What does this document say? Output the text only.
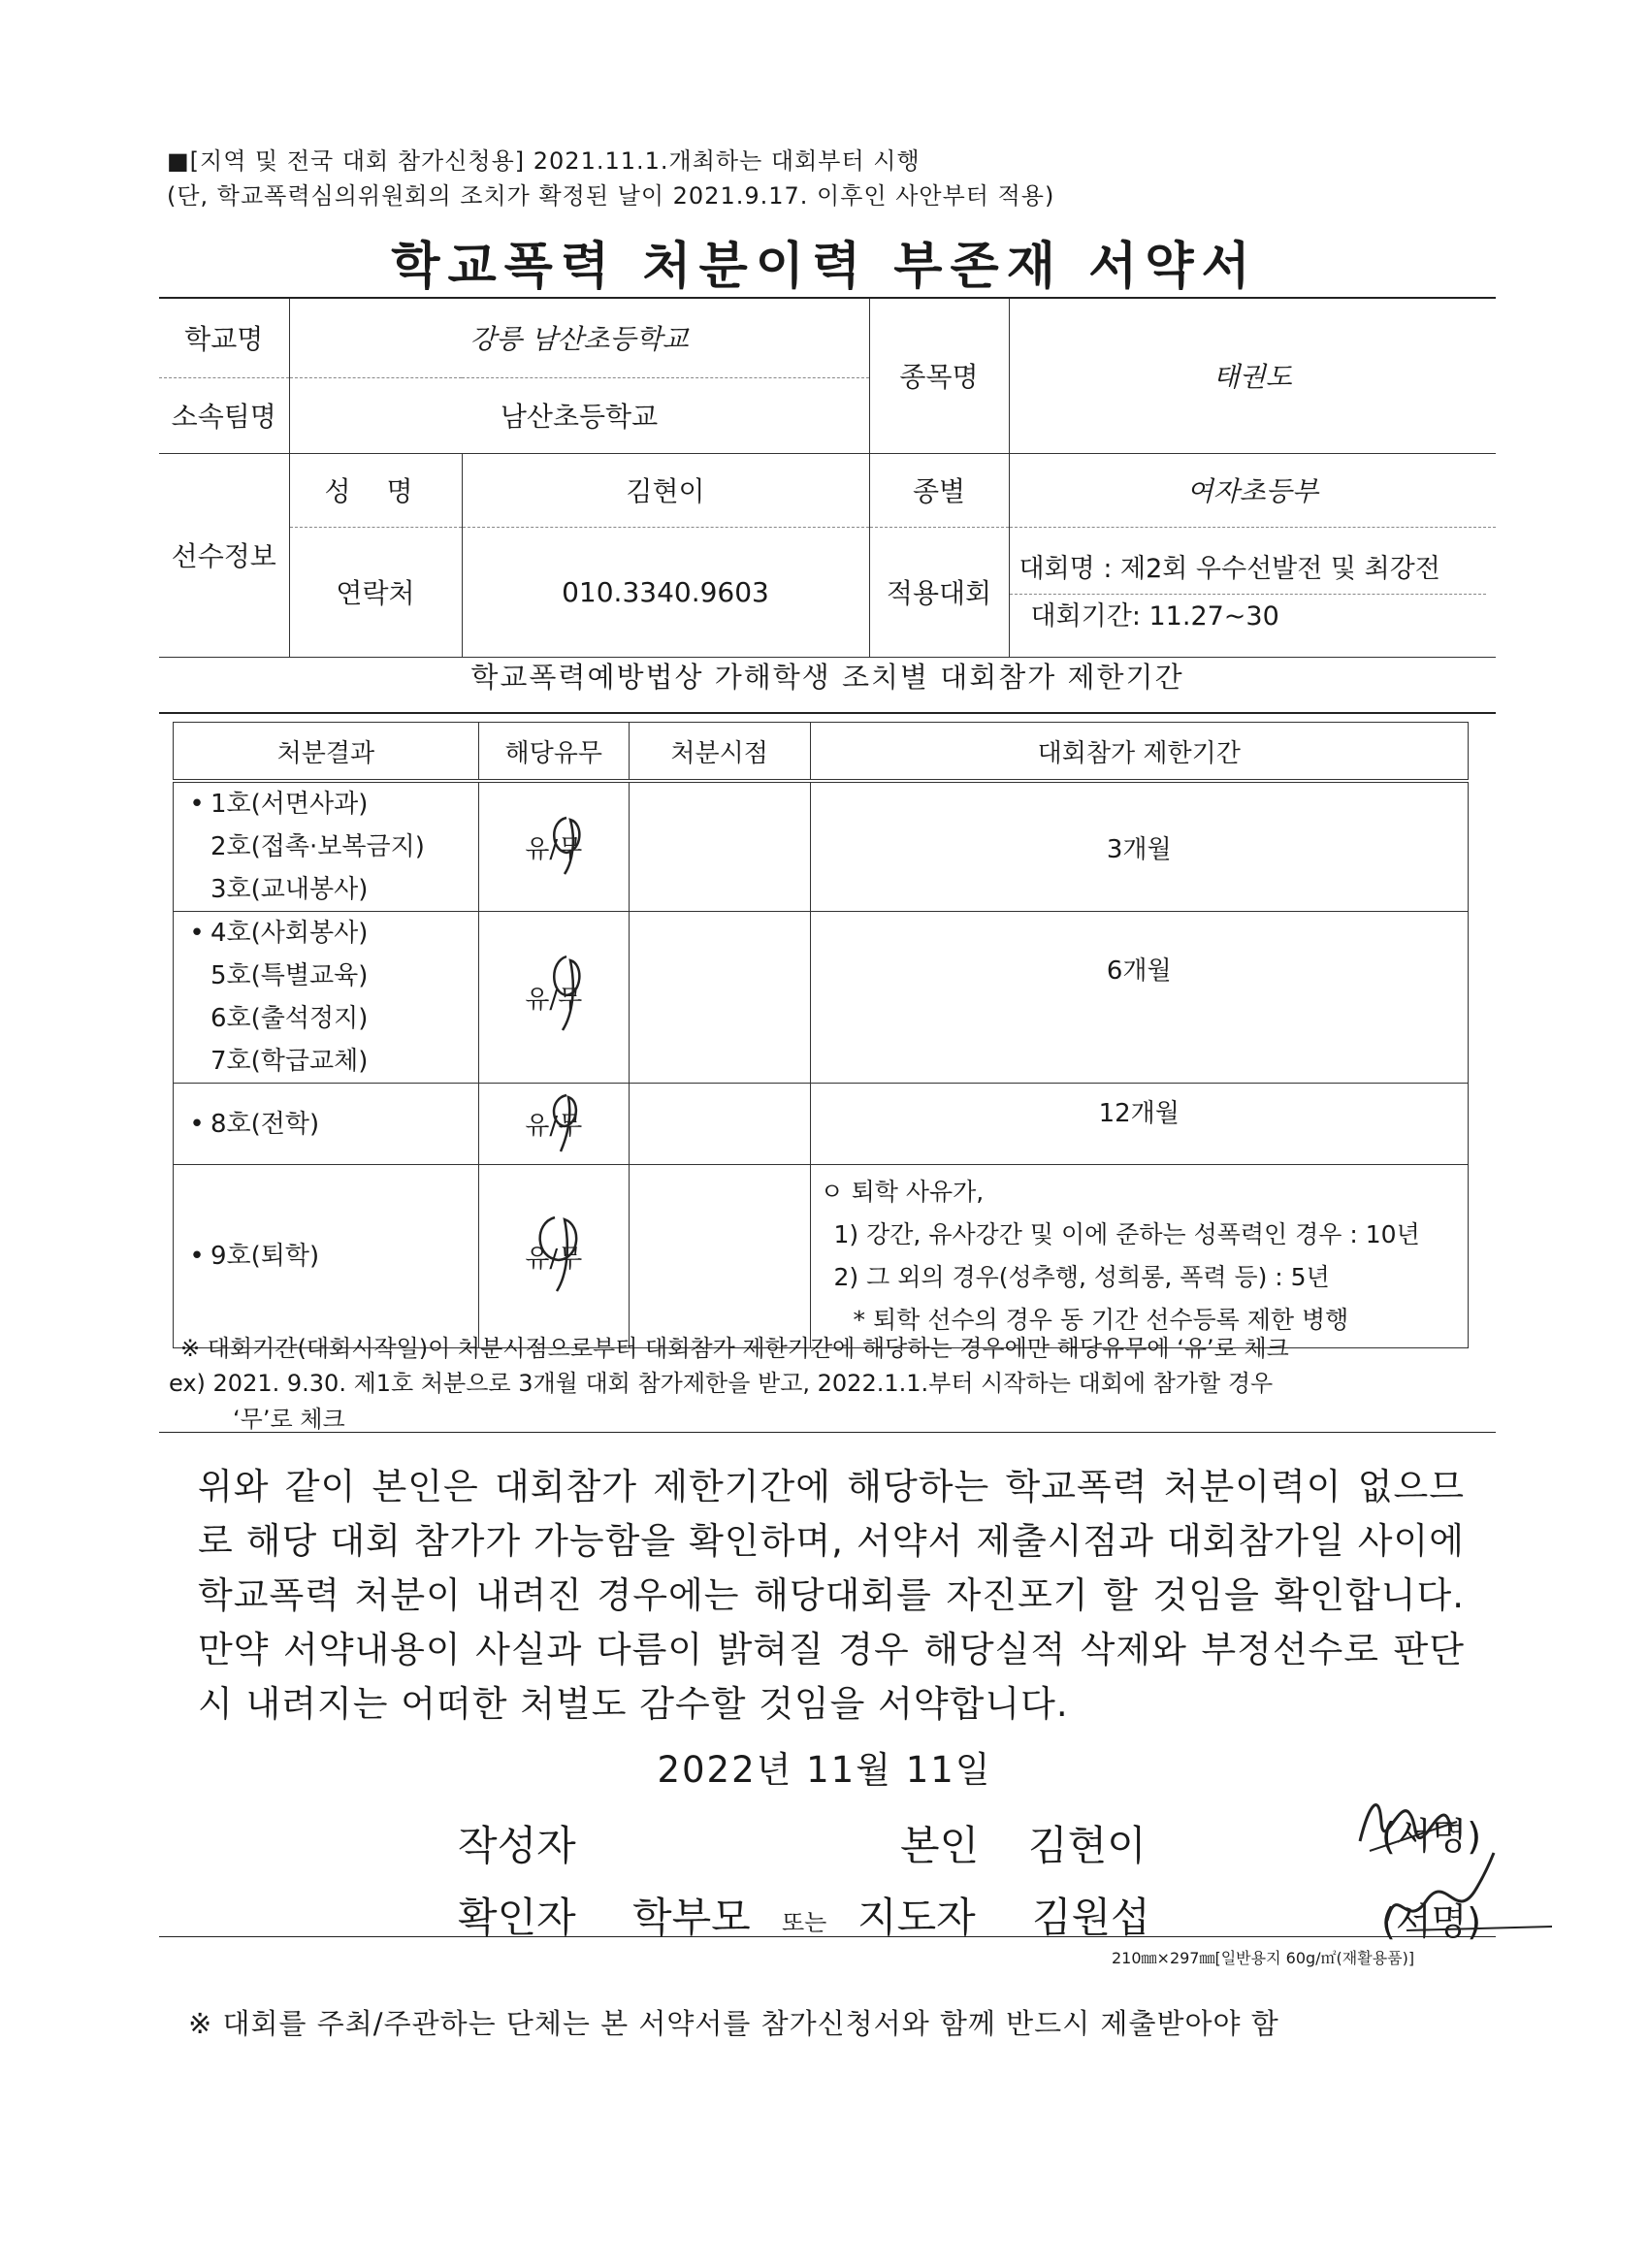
■[지역 및 전국 대회 참가신청용] 2021.11.1.개최하는 대회부터 시행
(단, 학교폭력심의위원회의 조치가 확정된 날이 2021.9.17. 이후인 사안부터 적용)
학교폭력 처분이력 부존재 서약서
학교명	강릉 남산초등학교		종목명	태권도
소속팀명	남산초등학교			
선수정보	성 명	김현이	종별	여자초등부
	연락처	010.3340.9603	적용대회	대회명 : 제2회 우수선발전 및 최강전
대회기간: 11.27~30
학교폭력예방법상 가해학생 조치별 대회참가 제한기간
처분결과	해당유무	처분시점	대회참가 제한기간

• 1호(서면사과)
2호(접촉·보복금지)
3호(교내봉사)	유/무		3개월

• 4호(사회봉사)
5호(특별교육)
6호(출석정지)
7호(학급교체)	유/무		6개월

• 8호(전학)	유/무		12개월

• 9호(퇴학)	유/무		ㅇ 퇴학 사유가,
1) 강간, 유사강간 및 이에 준하는 성폭력인 경우 : 10년
2) 그 외의 경우(성추행, 성희롱, 폭력 등) : 5년
* 퇴학 선수의 경우 동 기간 선수등록 제한 병행
※ 대회기간(대회시작일)이 처분시점으로부터 대회참가 제한기간에 해당하는 경우에만 해당유무에 ‘유’로 체크
ex) 2021. 9.30. 제1호 처분으로 3개월 대회 참가제한을 받고, 2022.1.1.부터 시작하는 대회에 참가할 경우
‘무’로 체크
위와 같이 본인은 대회참가 제한기간에 해당하는 학교폭력 처분이력이 없으므로 해당 대회 참가가 가능함을 확인하며, 서약서 제출시점과 대회참가일 사이에 학교폭력 처분이 내려진 경우에는 해당대회를 자진포기 할 것임을 확인합니다. 만약 서약내용이 사실과 다름이 밝혀질 경우 해당실적 삭제와 부정선수로 판단 시 내려지는 어떠한 처벌도 감수할 것임을 서약합니다.
2022년 11월 11일
작성자	본인 김현이	(서명)
확인자 학부모 또는 지도자 김원섭	(서명)
210㎜×297㎜[일반용지 60g/㎡(재활용품)]
※ 대회를 주최/주관하는 단체는 본 서약서를 참가신청서와 함께 반드시 제출받아야 함
